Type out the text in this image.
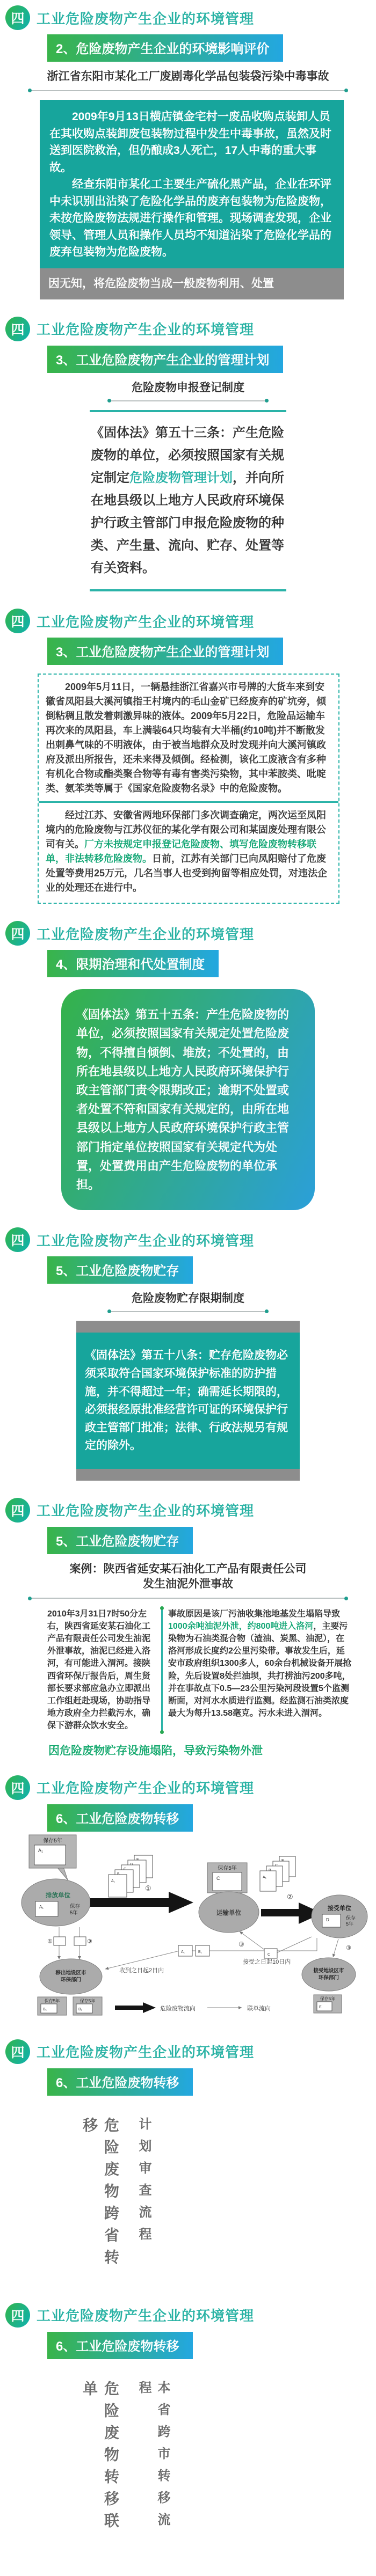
四 工业危险废物产生企业的环境管理
2、危险废物产生企业的环境影响评价
浙江省东阳市某化工厂废剧毒化学品包装袋污染中毒事故

2009年9月13日横店镇金宅村一废品收购点装卸人员在其收购点装卸废包装物过程中发生中毒事故，虽然及时送到医院救治，但仍酿成3人死亡，17人中毒的重大事故。

经查东阳市某化工主要生产硫化黑产品，企业在环评中未识别出沾染了危险化学品的废弃包装物为危险废物，未按危险废物法规进行操作和管理。现场调查发现，企业领导、管理人员和操作人员均不知道沾染了危险化学品的废弃包装物为危险废物。

因无知，将危险废物当成一般废物利用、处置
四 工业危险废物产生企业的环境管理
3、工业危险废物产生企业的管理计划
危险废物申报登记制度
《固体法》第五十三条：产生危险废物的单位，必须按照国家有关规定制定危险废物管理计划，并向所在地县级以上地方人民政府环境保护行政主管部门申报危险废物的种类、产生量、流向、贮存、处置等有关资料。
四 工业危险废物产生企业的环境管理
3、工业危险废物产生企业的管理计划

2009年5月11日，一辆悬挂浙江省嘉兴市号牌的大货车来到安徽省凤阳县大溪河镇指王村境内的毛山金矿已经废弃的矿坑旁，倾倒粘稠且散发着刺激异味的液体。2009年5月22日，危险品运输车再次来的凤阳县，车上满装64只均装有大半桶(约10吨)并不断散发出刺鼻气味的不明液体，由于被当地群众及时发现并向大溪河镇政府及派出所报告，还未来得及倾倒。经检测，该化工废液含有多种有机化合物或酯类聚合物等有毒有害类污染物，其中苯胺类、吡啶类、氨苯类等属于《国家危险废物名录》中的危险废物。

经过江苏、安徽省两地环保部门多次调查确定，两次运至凤阳境内的危险废物与江苏仪征的某化学有限公司和某固废处理有限公司有关。厂方未按规定申报登记危险废物、填写危险废物转移联单，非法转移危险废物。日前，江苏有关部门已向凤阳赔付了危废处置等费用25万元，几名当事人也受到拘留等相应处罚，对违法企业的处理还在进行中。

四 工业危险废物产生企业的环境管理
4、限期治理和代处置制度
《固体法》第五十五条：产生危险废物的单位，必须按照国家有关规定处置危险废物，不得擅自倾倒、堆放；不处置的，由所在地县级以上地方人民政府环境保护行政主管部门责令限期改正；逾期不处置或者处置不符和国家有关规定的，由所在地县级以上地方人民政府环境保护行政主管部门指定单位按照国家有关规定代为处置，处置费用由产生危险废物的单位承担。
四 工业危险废物产生企业的环境管理
5、工业危险废物贮存
危险废物贮存限期制度
《固体法》第五十八条：贮存危险废物必须采取符合国家环境保护标准的防护措施，并不得超过一年；确需延长期限的，必须报经原批准经营许可证的环境保护行政主管部门批准；法律、行政法规另有规定的除外。
四 工业危险废物产生企业的环境管理
5、工业危险废物贮存
案例：陕西省延安某石油化工产品有限责任公司
发生油泥外泄事故

2010年3月31日7时50分左右，陕西省延安某石油化工产品有限责任公司发生油泥外泄事故，油泥已经进入洛河，有可能进入渭河。接陕西省环保厅报告后，周生贤部长要求部应急办立即派出工作组赶赴现场，协助指导地方政府全力拦截污水，确保下游群众饮水安全。

事故原因是该厂污油收集池地基发生塌陷导致1000余吨油泥外泄，约800吨进入洛河，主要污染物为石油类混合物（渣油、炭黑、油泥），在洛河形成长度约2公里污染带。事故发生后，延安市政府组织1300多人，60余台机械设备开展抢险，先后设置8处拦油坝，共打捞油污200多吨，并在事故点下0.5—23公里污染河段设置5个监测断面，对河水水质进行监测。经监测石油类浓度最大为每升13.58毫克。污水未进入渭河。

因危险废物贮存设施塌陷，导致污染物外泄
四 工业危险废物产生企业的环境管理
6、工业危险废物转移
保存5年
A₁
排放单位
A₁	保存
5年
A₁
①
保存5年
C
运输单位
A₁
②
接受单位
D	保存
5年
①	③
移出地设区市
环保部门
保存5年
B₁
保存5年
B₂
收到之日起2日内
A₁	B₁
③
接受之日起10日内
C
③
接受地设区市
环保部门
保存5年
E
危险废物流向	联单流向
四 工业危险废物产生企业的环境管理
6、工业危险废物转移
危险废物跨省转移	计划审查流程
四 工业危险废物产生企业的环境管理
6、工业危险废物转移
危险废物转移联单	本省跨市转移流程
